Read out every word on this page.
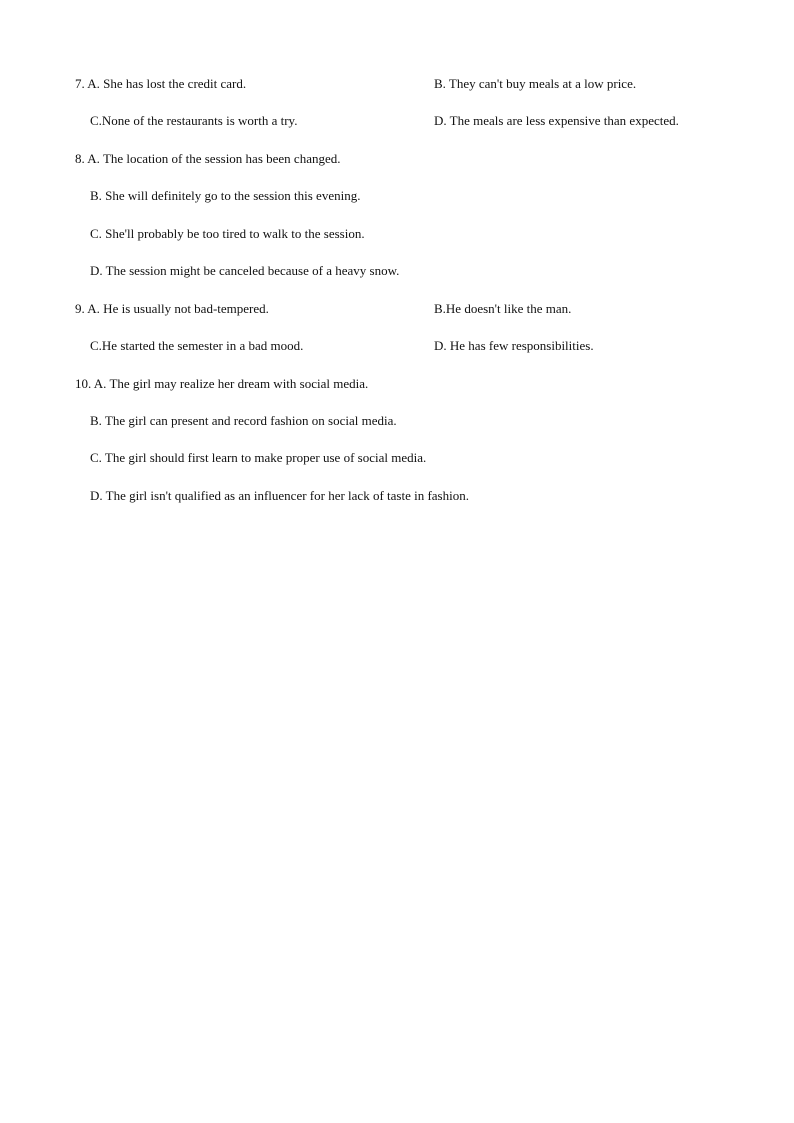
7. A. She has lost the credit card.	B. They can't buy meals at a low price.
C.None of the restaurants is worth a try.	D. The meals are less expensive than expected.
8. A. The location of the session has been changed.
B. She will definitely go to the session this evening.
C. She'll probably be too tired to walk to the session.
D. The session might be canceled because of a heavy snow.
9. A. He is usually not bad-tempered.	B.He doesn't like the man.
C.He started the semester in a bad mood.	D. He has few responsibilities.
10. A. The girl may realize her dream with social media.
B. The girl can present and record fashion on social media.
C. The girl should first learn to make proper use of social media.
D. The girl isn't qualified as an influencer for her lack of taste in fashion.
